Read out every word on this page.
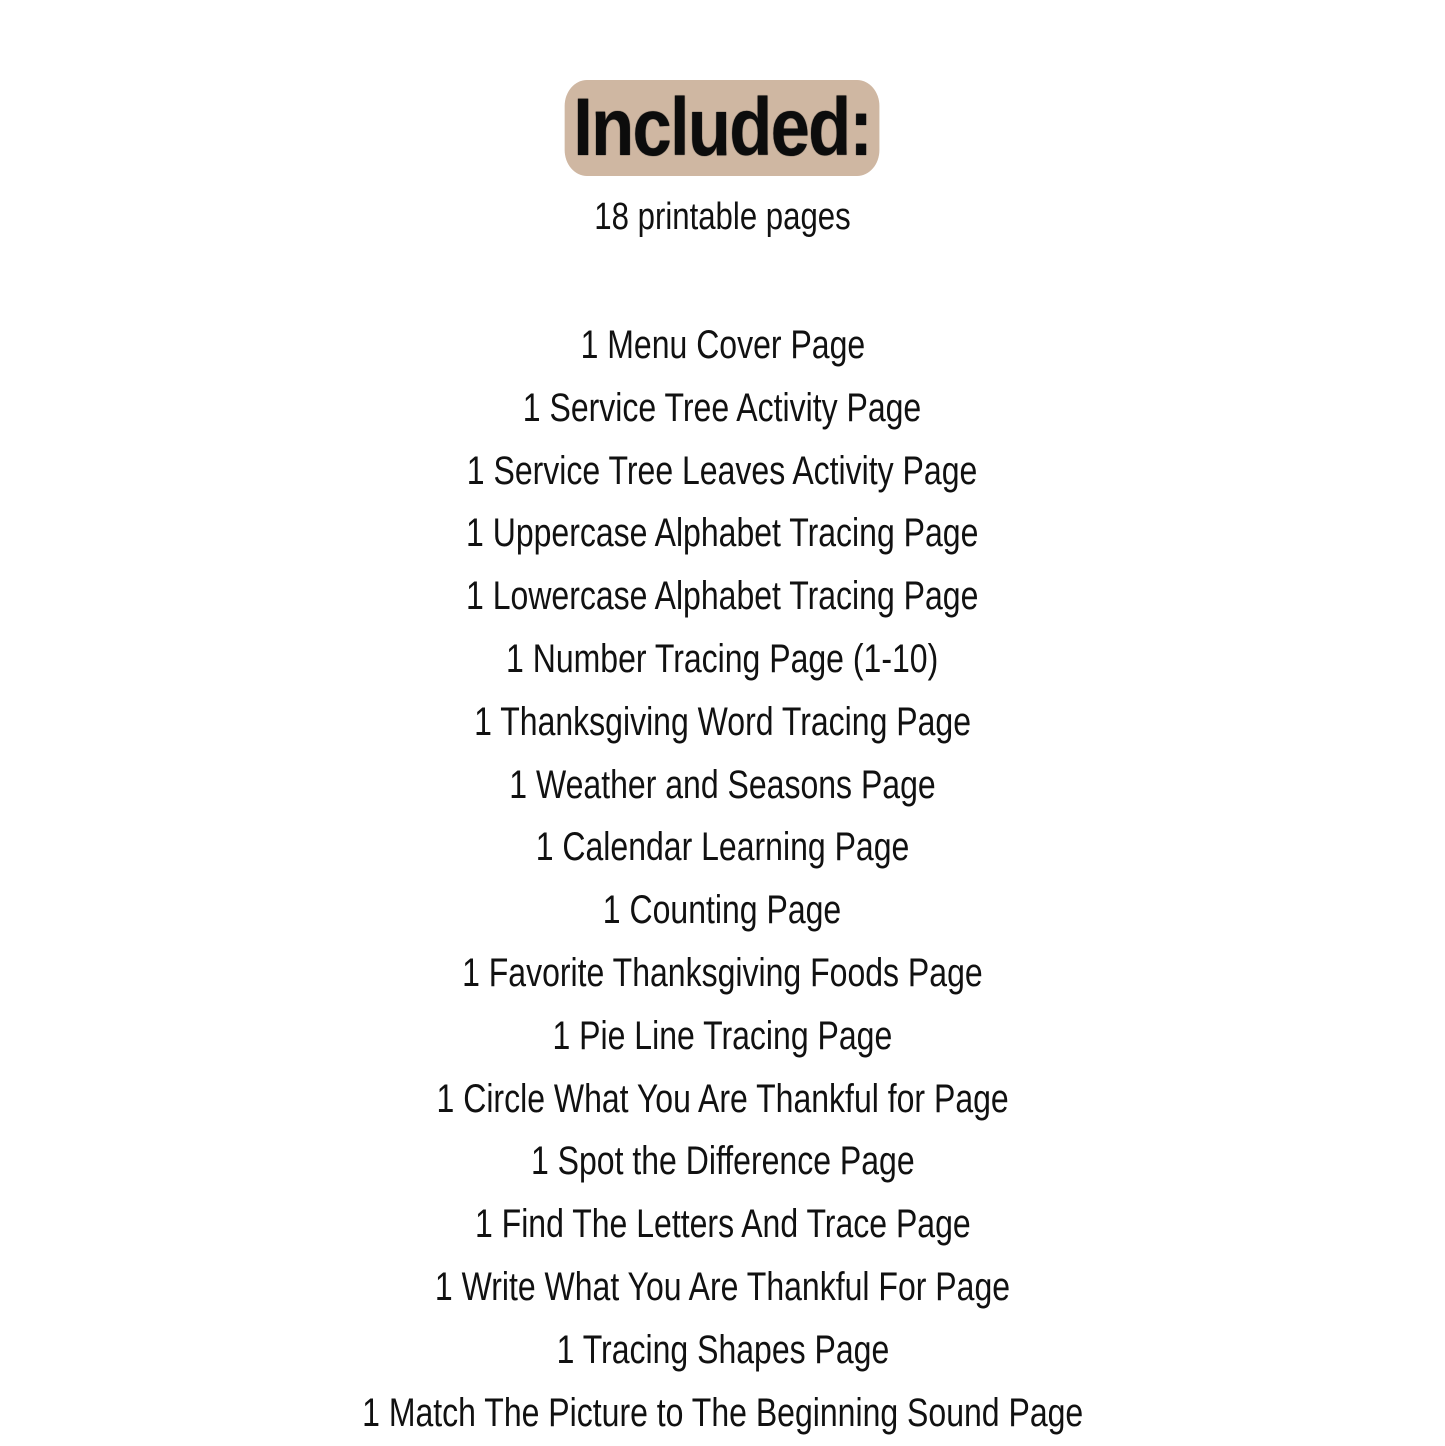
Included:
18 printable pages
1 Menu Cover Page
1 Service Tree Activity Page
1 Service Tree Leaves Activity Page
1 Uppercase Alphabet Tracing Page
1 Lowercase Alphabet Tracing Page
1 Number Tracing Page (1-10)
1 Thanksgiving Word Tracing Page
1 Weather and Seasons Page
1 Calendar Learning Page
1 Counting Page
1 Favorite Thanksgiving Foods Page
1 Pie Line Tracing Page
1 Circle What You Are Thankful for Page
1 Spot the Difference Page
1 Find The Letters And Trace Page
1 Write What You Are Thankful For Page
1 Tracing Shapes Page
1 Match The Picture to The Beginning Sound Page
